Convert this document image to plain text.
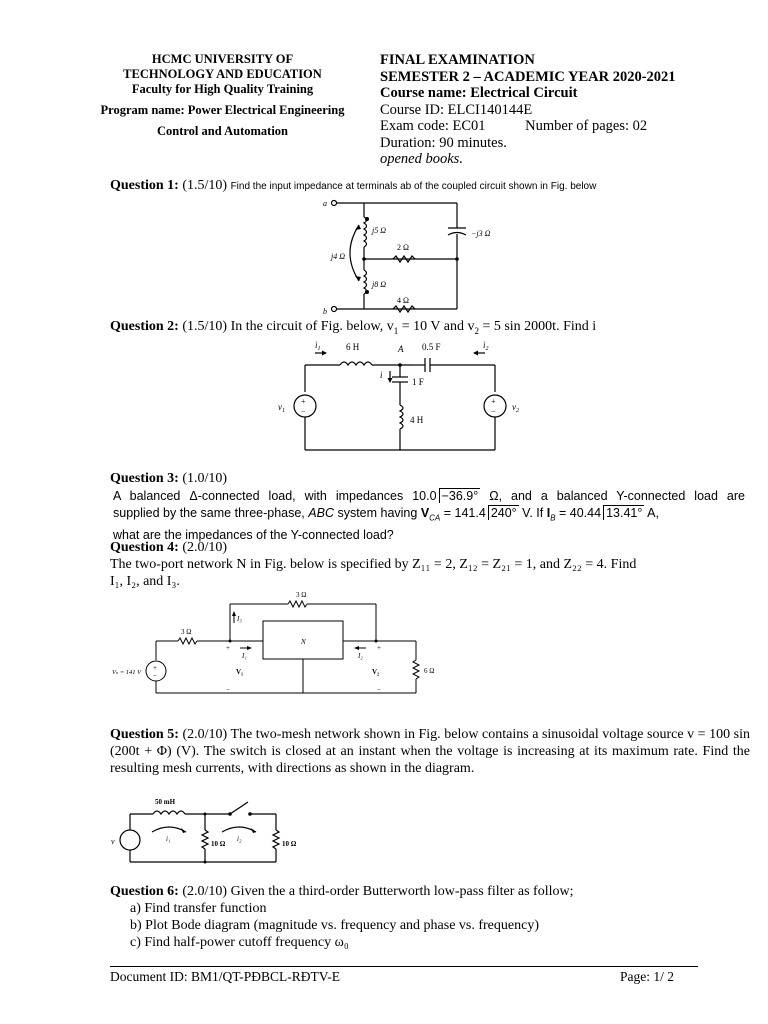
HCMC UNIVERSITY OF
TECHNOLOGY AND EDUCATION
Faculty for High Quality Training
Program name: Power Electrical Engineering
Control and Automation
FINAL EXAMINATION
SEMESTER 2 – ACADEMIC YEAR 2020-2021
Course name: Electrical Circuit
Course ID: ELCI140144E
Exam code: EC01	Number of pages: 02
Duration: 90 minutes.
opened books.
Question 1: (1.5/10) Find the input impedance at terminals ab of the coupled circuit shown in Fig. below
a
b
j5 Ω	−j3 Ω
2 Ω
j4 Ω
j8 Ω
4 Ω
Question 2: (1.5/10) In the circuit of Fig. below, $v_1 = 10$ V and $v_2 = 5$ sin 2000t. Find i
$i_1$	6 H	A 0.5 F	$i_2$
i
1 F
4 H
+
−
+
−
$v_1$	$v_2$
Question 3: (1.0/10)
A balanced Δ-connected load, with impedances 10.0 −36.9° Ω, and a balanced Y-connected load are
supplied by the same three-phase, ABC system having $V_{CA} = 141.4$ 240° V. If $I_B = 40.44$ 13.41° A,
what are the impedances of the Y-connected load?
Question 4: (2.0/10)
The two-port network N in Fig. below is specified by Z₁₁ = 2, Z₁₂ = Z₂₁ = 1, and Z₂₂ = 4. Find
I₁, I₂, and I₃.
3 Ω
3 Ω
I₃
N
I₁	I₂
+
−
+
−
Vₛ = 141 V
+
−	V₁	V₂	6 Ω
Question 5: (2.0/10) The two-mesh network shown in Fig. below contains a sinusoidal voltage source v = 100 sin (200t + Φ) (V). The switch is closed at an instant when the voltage is increasing at its maximum rate. Find the resulting mesh currents, with directions as shown in the diagram.
50 mH
i₁	i₂
v	10 Ω	10 Ω
Question 6: (2.0/10) Given the a third-order Butterworth low-pass filter as follow;
a) Find transfer function
b) Plot Bode diagram (magnitude vs. frequency and phase vs. frequency)
c) Find half-power cutoff frequency ω₀
Document ID: BM1/QT-PĐBCL-RĐTV-E	Page: 1/ 2
